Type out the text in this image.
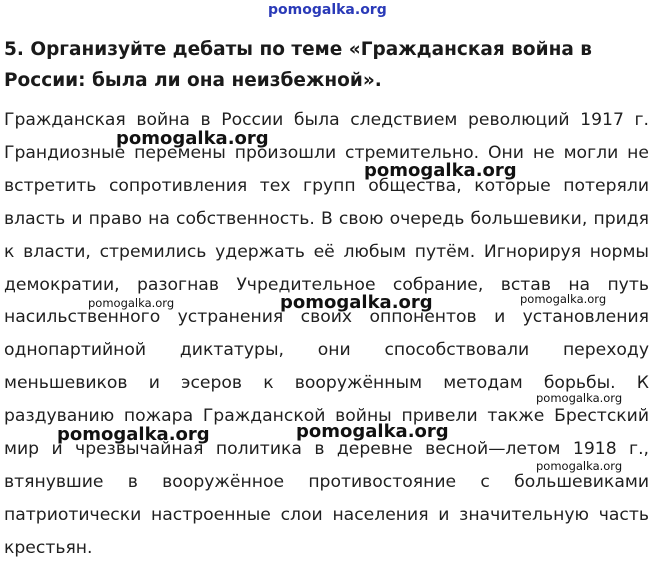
5. Организуйте дебаты по теме «Гражданская война в России: была ли она неизбежной».

Гражданская война в России была следствием революций 1917 г. Грандиозные перемены произошли стремительно. Они не могли не встретить сопротивления тех групп общества, которые потеряли власть и право на собственность. В свою очередь большевики, придя к власти, стремились удержать её любым путём. Игнорируя нормы демократии, разогнав Учредительное собрание, встав на путь насильственного устранения своих оппонентов и установления однопартийной диктатуры, они способствовали переходу меньшевиков и эсеров к вооружённым методам борьбы. К раздуванию пожара Гражданской войны привели также Брестский мир и чрезвычайная политика в деревне весной—летом 1918 г., втянувшие в вооружённое противостояние с большевиками патриотически настроенные слои населения и значительную часть крестьян.

pomogalka.org
pomogalka.org
pomogalka.org
pomogalka.org	pomogalka.org	pomogalka.org
pomogalka.org
pomogalka.org	pomogalka.org
pomogalka.org
